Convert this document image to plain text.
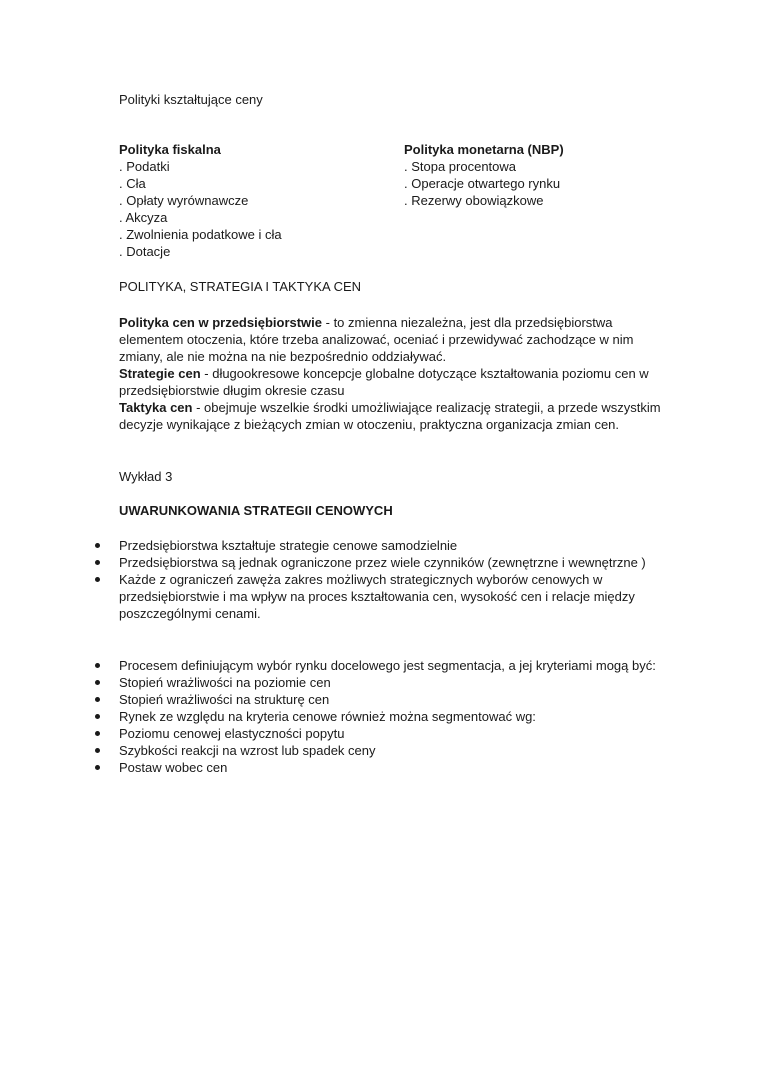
Polityki kształtujące ceny

Polityka fiskalna
. Podatki
. Cła
. Opłaty wyrównawcze
. Akcyza
. Zwolnienia podatkowe i cła
. Dotacje
Polityka monetarna (NBP)
. Stopa procentowa
. Operacje otwartego rynku
. Rezerwy obowiązkowe

POLITYKA, STRATEGIA I TAKTYKA CEN

Polityka cen w przedsiębiorstwie - to zmienna niezależna, jest dla przedsiębiorstwa elementem otoczenia, które trzeba analizować, oceniać i przewidywać zachodzące w nim zmiany, ale nie można na nie bezpośrednio oddziaływać.
Strategie cen - długookresowe koncepcje globalne dotyczące kształtowania poziomu cen w przedsiębiorstwie długim okresie czasu
Taktyka cen - obejmuje wszelkie środki umożliwiające realizację strategii, a przede wszystkim decyzje wynikające z bieżących zmian w otoczeniu, praktyczna organizacja zmian cen.

Wykład 3

UWARUNKOWANIA STRATEGII CENOWYCH

Przedsiębiorstwa kształtuje strategie cenowe samodzielnie
Przedsiębiorstwa są jednak ograniczone przez wiele czynników (zewnętrzne i wewnętrzne )
Każde z ograniczeń zawęża zakres możliwych strategicznych wyborów cenowych w przedsiębiorstwie i ma wpływ na proces kształtowania cen, wysokość cen i relacje między poszczególnymi cenami.
Procesem definiującym wybór rynku docelowego jest segmentacja, a jej kryteriami mogą być:
Stopień wrażliwości na poziomie cen
Stopień wrażliwości na strukturę cen
Rynek ze względu na kryteria cenowe również można segmentować wg:
Poziomu cenowej elastyczności popytu
Szybkości reakcji na wzrost lub spadek ceny
Postaw wobec cen
